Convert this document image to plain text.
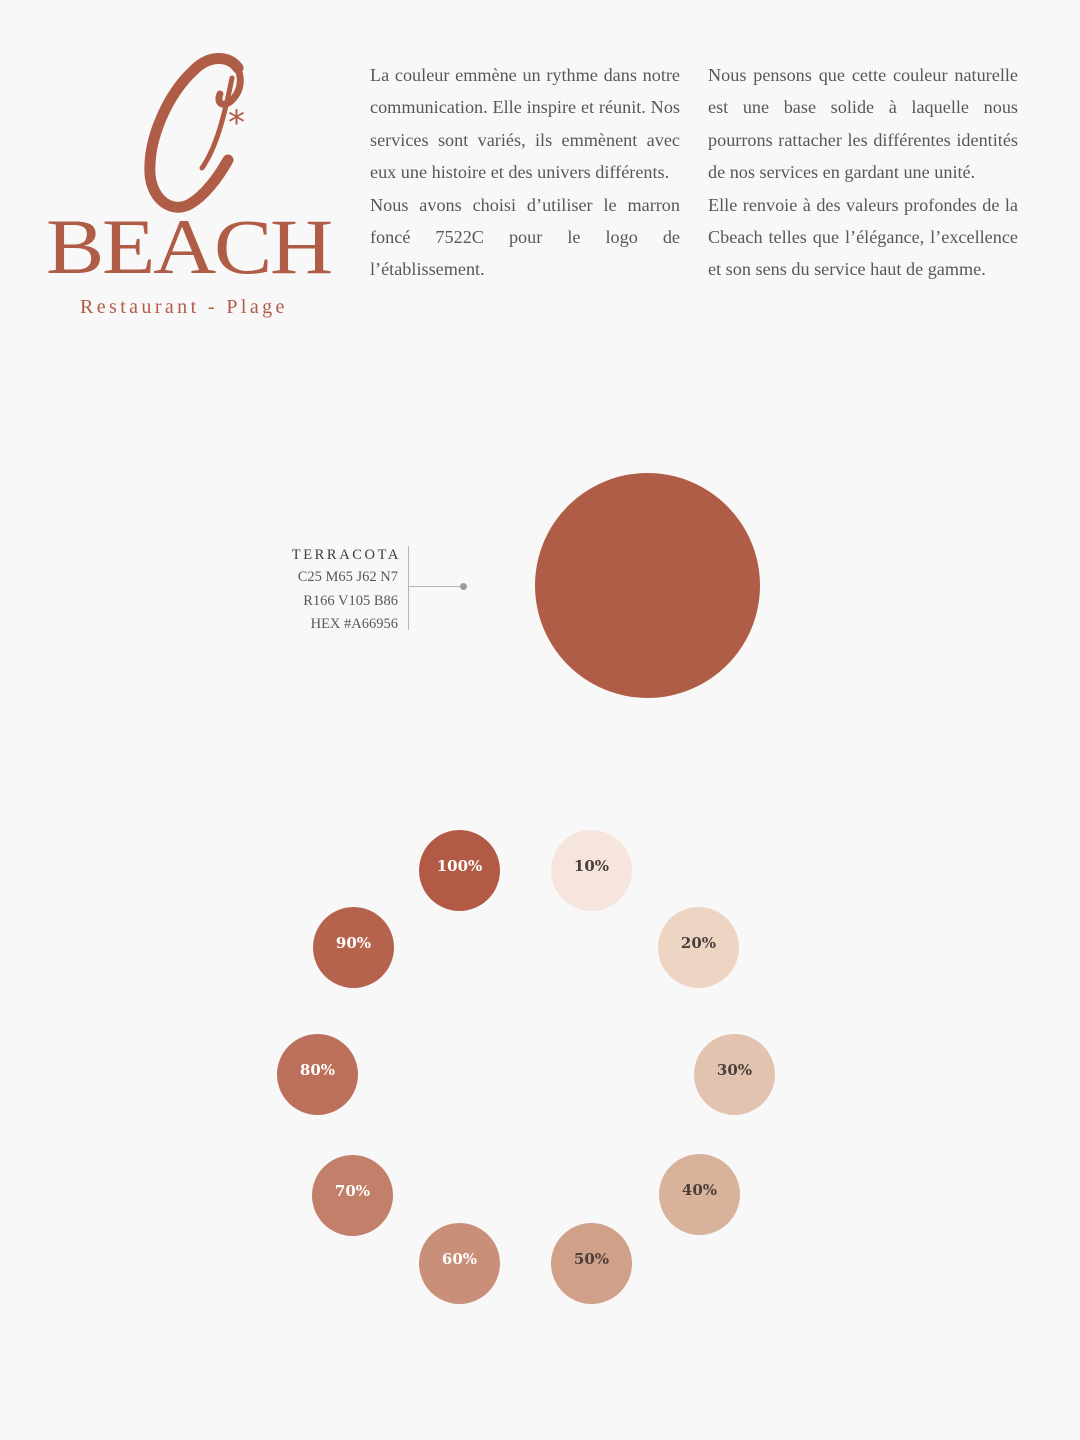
*
BEACH
Restaurant - Plage

La couleur emmène un rythme dans notre communication. Elle inspire et réunit. Nos services sont variés, ils emmènent avec eux une histoire et des univers différents.

Nous avons choisi d’utiliser le marron foncé 7522C pour le logo de l’établissement.

Nous pensons que cette couleur naturelle est une base solide à laquelle nous pourrons rattacher les différentes identités de nos services en gardant une unité.

Elle renvoie à des valeurs profondes de la Cbeach telles que l’élégance, l’excellence et son sens du service haut de gamme.

TERRACOTA
C25 M65 J62 N7
R166 V105 B86
HEX #A66956
100%
90%
80%
70%
60%	50%
40%
30%
20%
10%
